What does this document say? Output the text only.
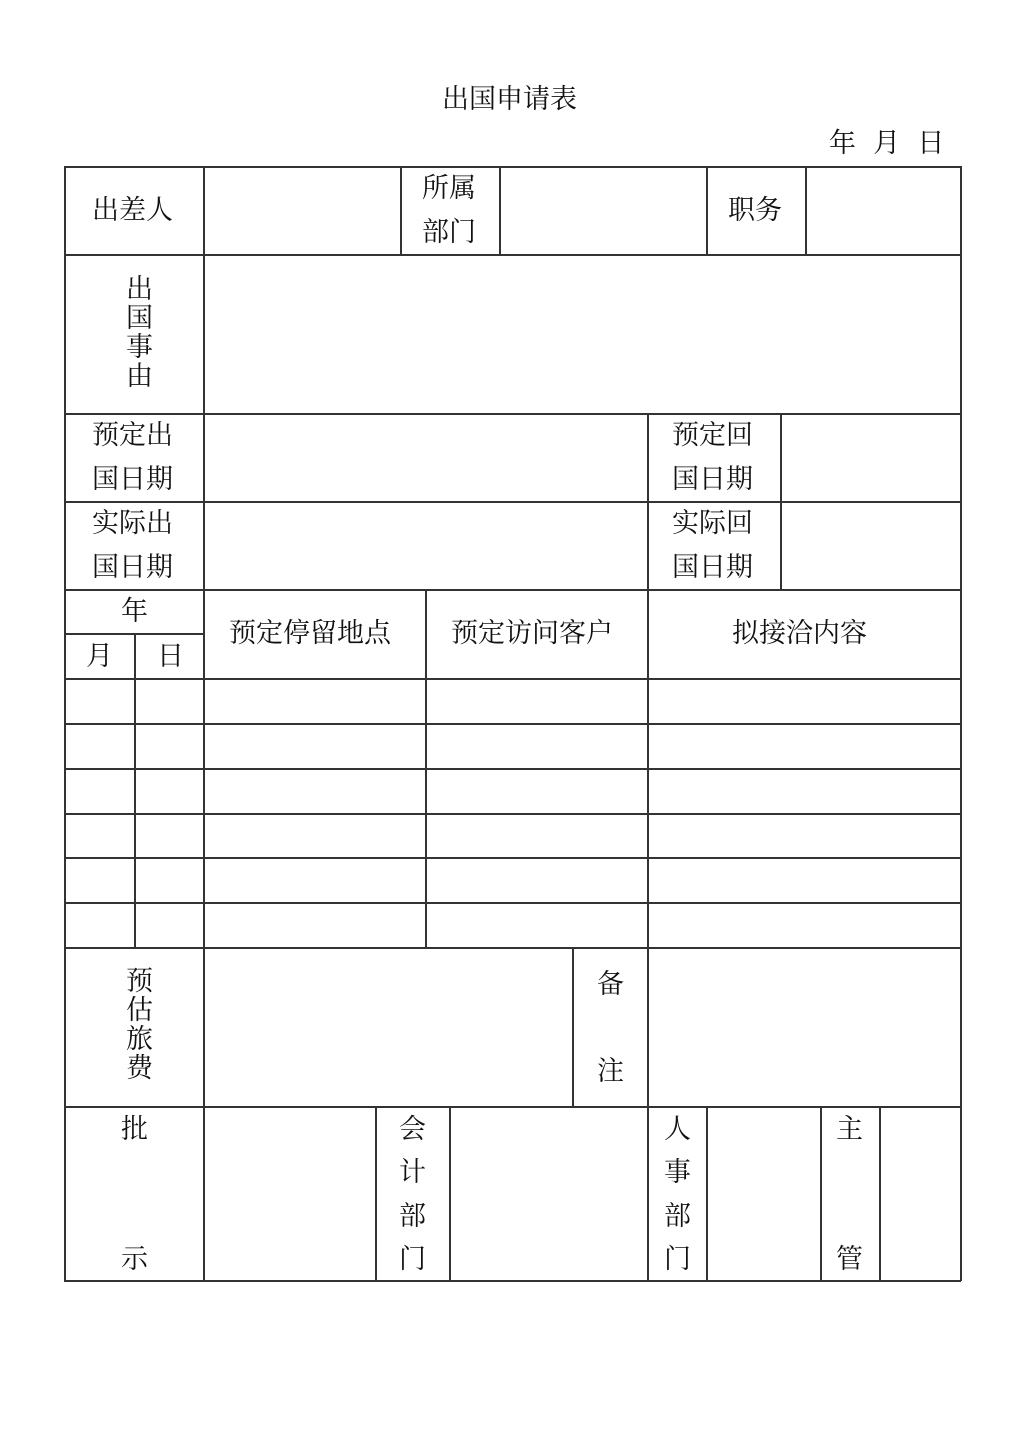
出国申请表
年  月  日
出差人
所属
部门
职务
出国事由
预定出
国日期
预定回
国日期
实际出
国日期
实际回
国日期
年
月 日
预定停留地点 预定访问客户	拟接洽内容
预估旅费	备
注
批
示
会
计
部
门
人
事
部
门
主
管
